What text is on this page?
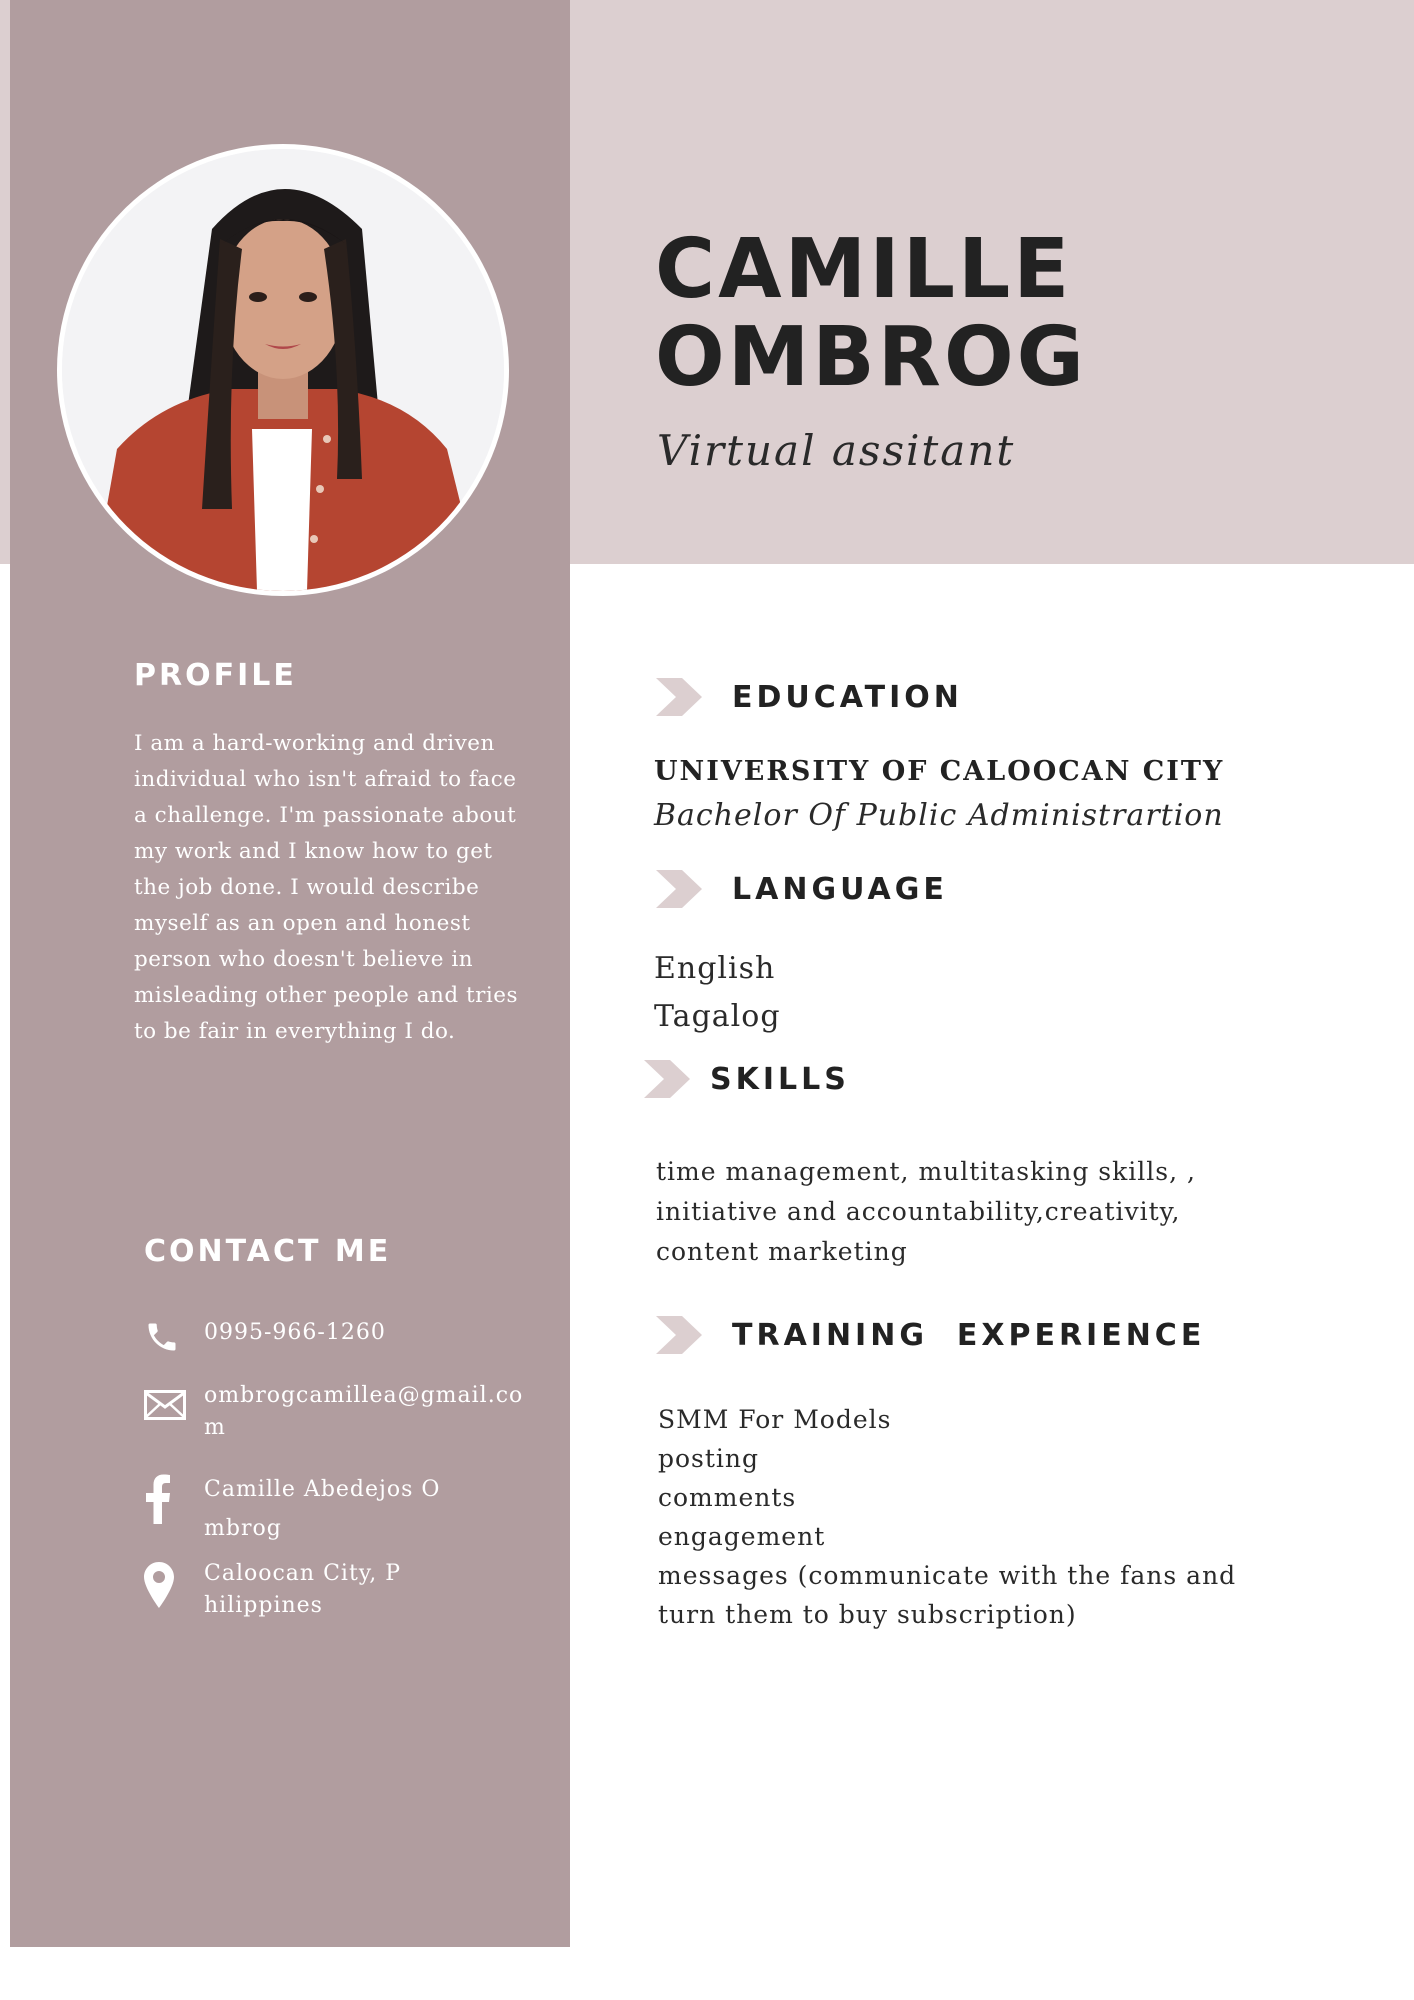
CAMILLE
OMBROG
Virtual assitant
PROFILE
I am a hard-working and driven individual who isn't afraid to face a challenge. I'm passionate about my work and I know how to get the job done. I would describe myself as an open and honest person who doesn't believe in misleading other people and tries to be fair in everything I do.
CONTACT ME
0995-966-1260
ombrogcamillea@gmail.com
Camille Abedejos Ombrog
Caloocan City, Philippines
EDUCATION
UNIVERSITY OF CALOOCAN CITY
Bachelor Of Public Administrartion
LANGUAGE
English
Tagalog
SKILLS
time management, multitasking skills, , initiative and accountability,creativity, content marketing
TRAINING  EXPERIENCE
SMM For Models
posting
comments
engagement
messages (communicate with the fans and turn them to buy subscription)
